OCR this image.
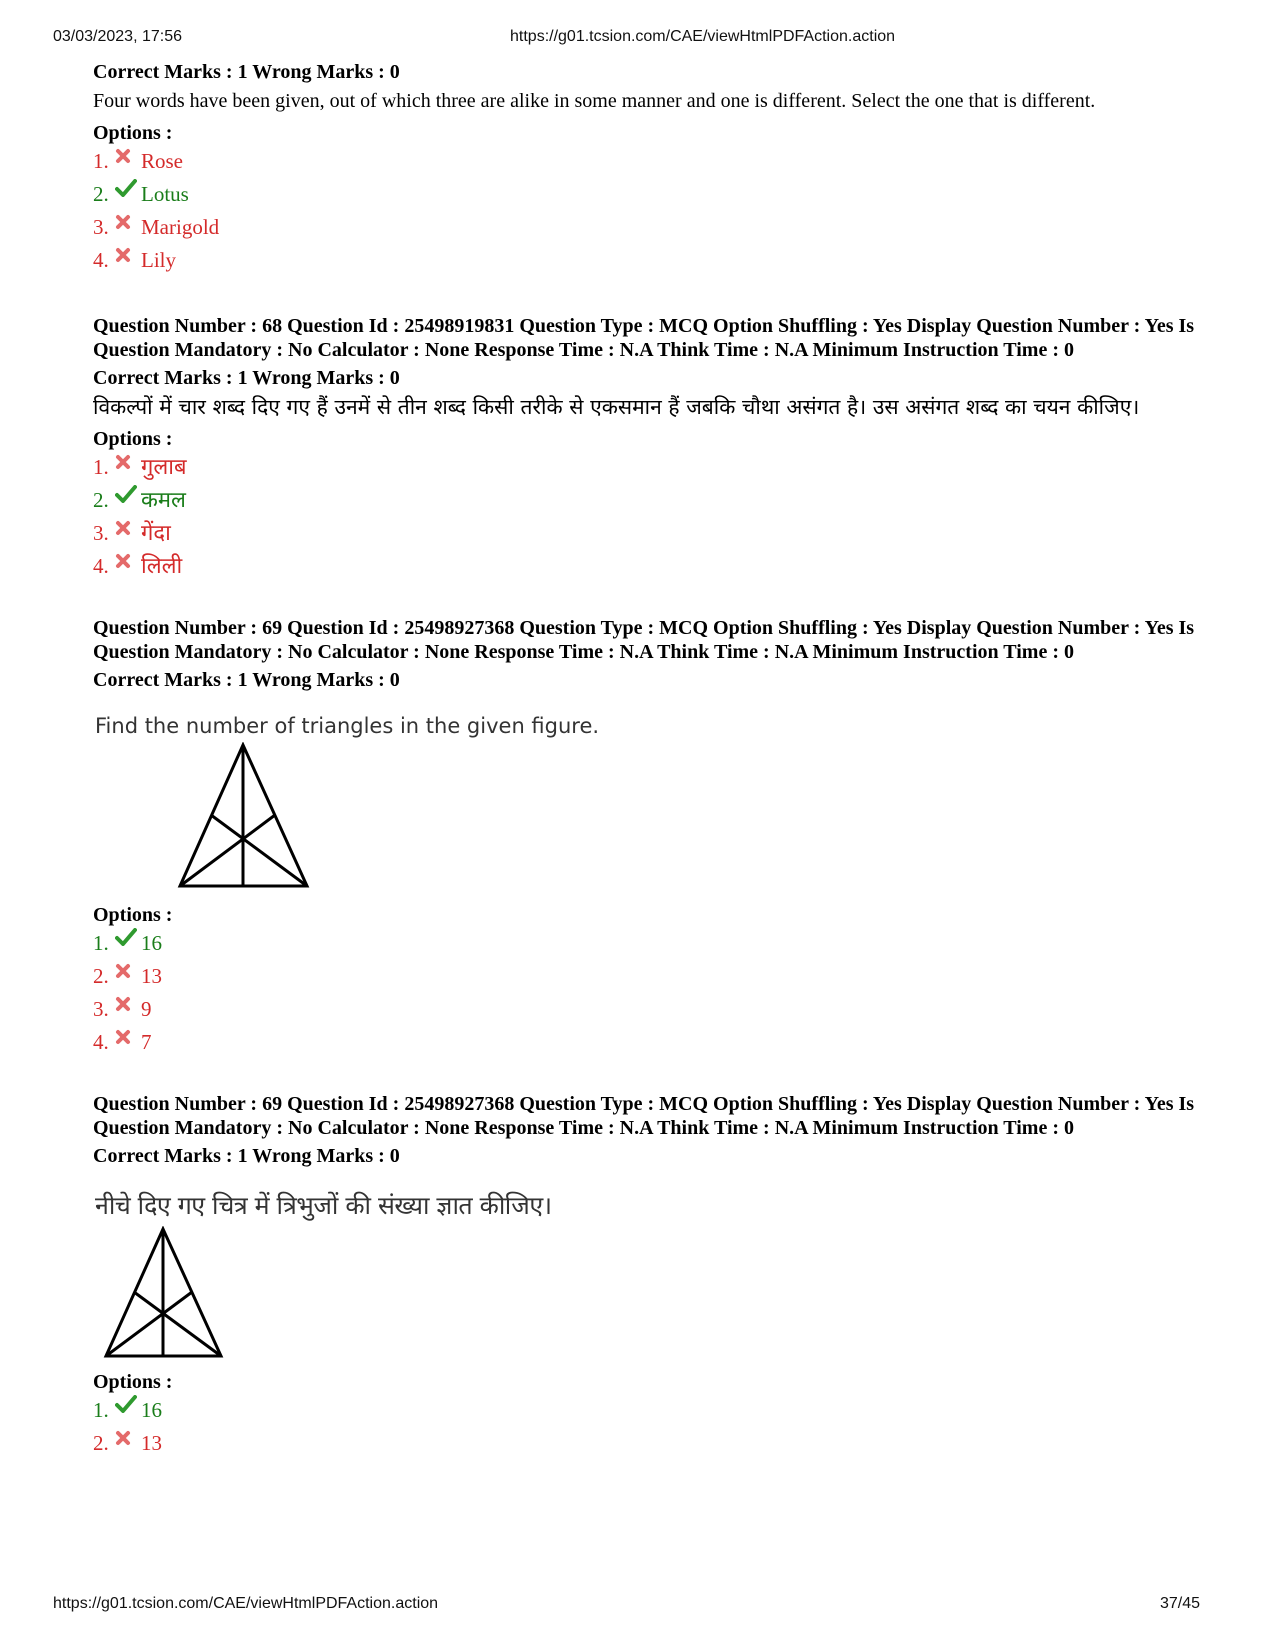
03/03/2023, 17:56	https://g01.tcsion.com/CAE/viewHtmlPDFAction.action
Correct Marks : 1 Wrong Marks : 0
Four words have been given, out of which three are alike in some manner and one is different. Select the one that is different.
Options :
1. Rose
2. Lotus
3. Marigold
4. Lily
Question Number : 68 Question Id : 25498919831 Question Type : MCQ Option Shuffling : Yes Display Question Number : Yes Is Question Mandatory : No Calculator : None Response Time : N.A Think Time : N.A Minimum Instruction Time : 0
Correct Marks : 1 Wrong Marks : 0
विकल्पों में चार शब्द दिए गए हैं उनमें से तीन शब्द किसी तरीके से एकसमान हैं जबकि चौथा असंगत है। उस असंगत शब्द का चयन कीजिए।
Options :
1. गुलाब
2. कमल
3. गेंदा
4. लिली
Question Number : 69 Question Id : 25498927368 Question Type : MCQ Option Shuffling : Yes Display Question Number : Yes Is Question Mandatory : No Calculator : None Response Time : N.A Think Time : N.A Minimum Instruction Time : 0
Correct Marks : 1 Wrong Marks : 0
Find the number of triangles in the given figure.
Options :
1. 16
2. 13
3. 9
4. 7
Question Number : 69 Question Id : 25498927368 Question Type : MCQ Option Shuffling : Yes Display Question Number : Yes Is Question Mandatory : No Calculator : None Response Time : N.A Think Time : N.A Minimum Instruction Time : 0
Correct Marks : 1 Wrong Marks : 0
नीचे दिए गए चित्र में त्रिभुजों की संख्या ज्ञात कीजिए।
Options :
1. 16
2. 13
https://g01.tcsion.com/CAE/viewHtmlPDFAction.action	37/45
